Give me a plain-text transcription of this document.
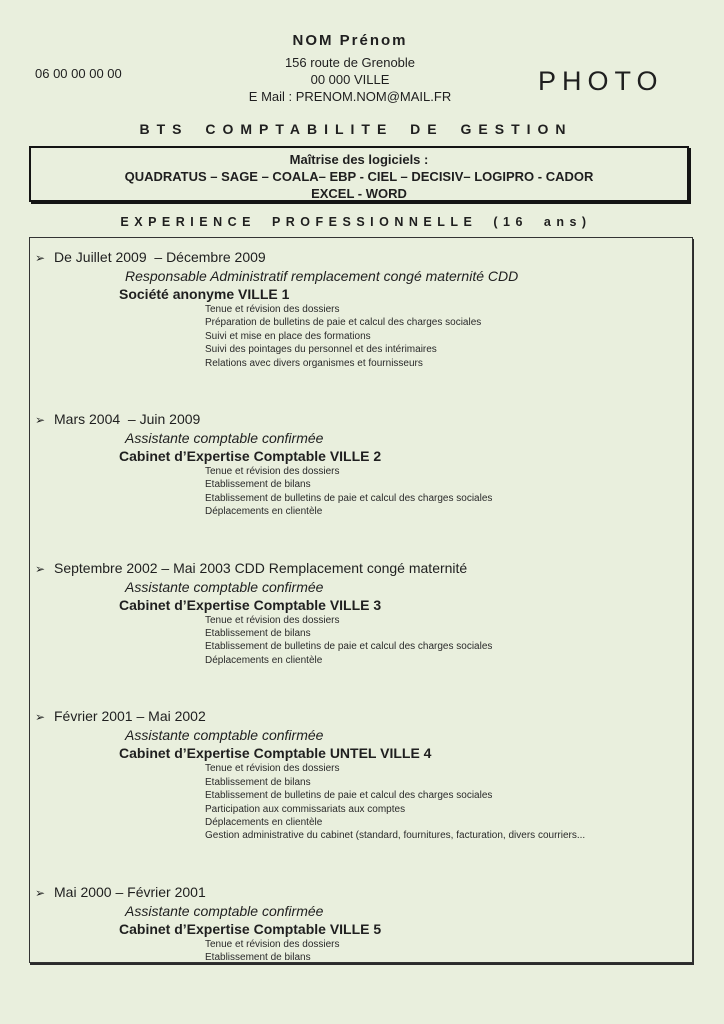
06 00 00 00 00
NOM Prénom
156 route de Grenoble
00 000 VILLE
E Mail : PRENOM.NOM@MAIL.FR
PHOTO
BTS COMPTABILITE DE GESTION
Maîtrise des logiciels :
QUADRATUS – SAGE – COALA– EBP - CIEL – DECISIV– LOGIPRO - CADOR
EXCEL - WORD
EXPERIENCE PROFESSIONNELLE (16 ans)
➢ De Juillet 2009  – Décembre 2009
Responsable Administratif remplacement congé maternité CDD
Société anonyme VILLE 1
Tenue et révision des dossiers
Préparation de bulletins de paie et calcul des charges sociales
Suivi et mise en place des formations
Suivi des pointages du personnel et des intérimaires
Relations avec divers organismes et fournisseurs
➢ Mars 2004  – Juin 2009
Assistante comptable confirmée
Cabinet d’Expertise Comptable VILLE 2
Tenue et révision des dossiers
Etablissement de bilans
Etablissement de bulletins de paie et calcul des charges sociales
Déplacements en clientèle
➢ Septembre 2002 – Mai 2003 CDD Remplacement congé maternité
Assistante comptable confirmée
Cabinet d’Expertise Comptable VILLE 3
Tenue et révision des dossiers
Etablissement de bilans
Etablissement de bulletins de paie et calcul des charges sociales
Déplacements en clientèle
➢ Février 2001 – Mai 2002
Assistante comptable confirmée
Cabinet d’Expertise Comptable UNTEL VILLE 4
Tenue et révision des dossiers
Etablissement de bilans
Etablissement de bulletins de paie et calcul des charges sociales
Participation aux commissariats aux comptes
Déplacements en clientèle
Gestion administrative du cabinet (standard, fournitures, facturation, divers courriers...
➢ Mai 2000 – Février 2001
Assistante comptable confirmée
Cabinet d’Expertise Comptable VILLE 5
Tenue et révision des dossiers
Etablissement de bilans
